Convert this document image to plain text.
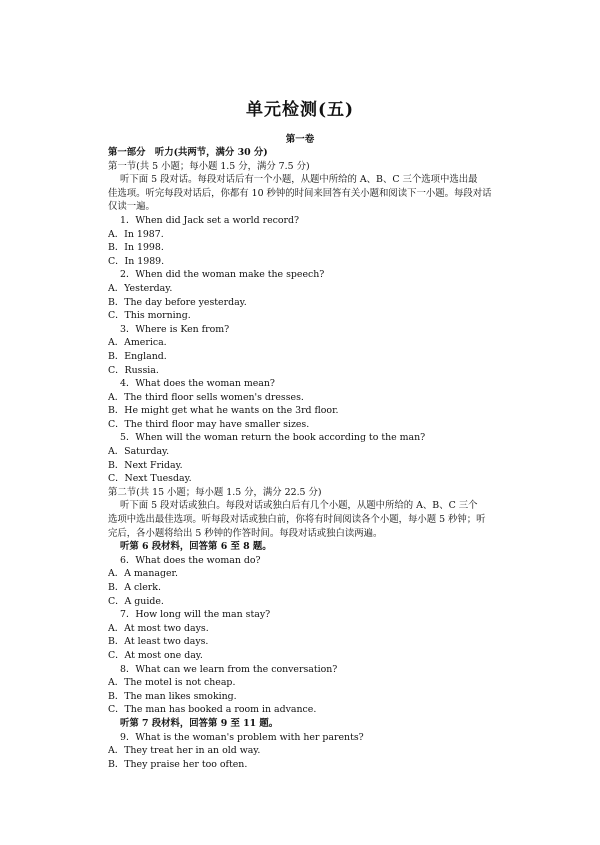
单元检测(五)
第一卷
第一部分　听力(共两节，满分 30 分)
第一节(共 5 小题；每小题 1.5 分，满分 7.5 分)
听下面 5 段对话。每段对话后有一个小题，从题中所给的 A、B、C 三个选项中选出最
佳选项。听完每段对话后，你都有 10 秒钟的时间来回答有关小题和阅读下一小题。每段对话
仅读一遍。
1．When did Jack set a world record?
A．In 1987.
B．In 1998.
C．In 1989.
2．When did the woman make the speech?
A．Yesterday.
B．The day before yesterday.
C．This morning.
3．Where is Ken from?
A．America.
B．England.
C．Russia.
4．What does the woman mean?
A．The third floor sells women's dresses.
B．He might get what he wants on the 3rd floor.
C．The third floor may have smaller sizes.
5．When will the woman return the book according to the man?
A．Saturday.
B．Next Friday.
C．Next Tuesday.
第二节(共 15 小题；每小题 1.5 分，满分 22.5 分)
听下面 5 段对话或独白。每段对话或独白后有几个小题，从题中所给的 A、B、C 三个
选项中选出最佳选项。听每段对话或独白前，你将有时间阅读各个小题，每小题 5 秒钟；听
完后，各小题将给出 5 秒钟的作答时间。每段对话或独白读两遍。
听第 6 段材料，回答第 6 至 8 题。
6．What does the woman do?
A．A manager.
B．A clerk.
C．A guide.
7．How long will the man stay?
A．At most two days.
B．At least two days.
C．At most one day.
8．What can we learn from the conversation?
A．The motel is not cheap.
B．The man likes smoking.
C．The man has booked a room in advance.
听第 7 段材料，回答第 9 至 11 题。
9．What is the woman's problem with her parents?
A．They treat her in an old way.
B．They praise her too often.
